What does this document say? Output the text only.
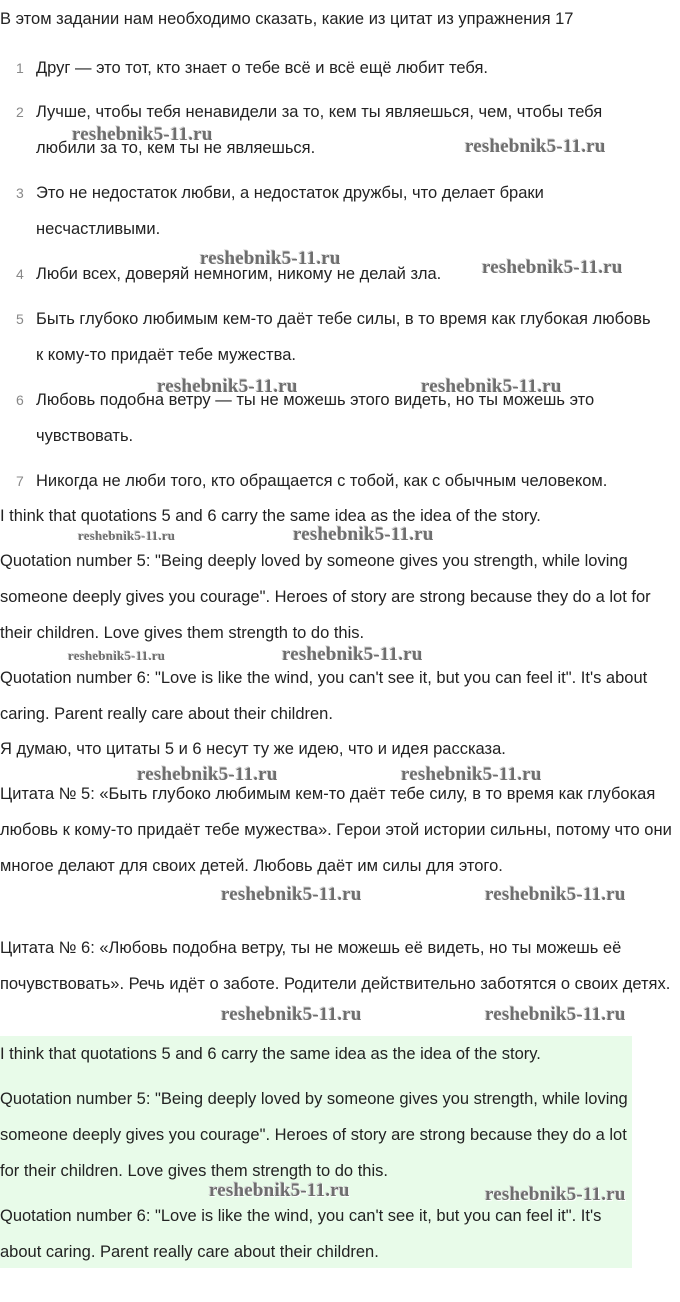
В этом задании нам необходимо сказать, какие из цитат из упражнения 17
1 Друг — это тот, кто знает о тебе всё и всё ещё любит тебя.
2 Лучше, чтобы тебя ненавидели за то, кем ты являешься, чем, чтобы тебя любили за то, кем ты не являешься.
3 Это не недостаток любви, а недостаток дружбы, что делает браки несчастливыми.
4 Люби всех, доверяй немногим, никому не делай зла.
5 Быть глубоко любимым кем-то даёт тебе силы, в то время как глубокая любовь к кому-то придаёт тебе мужества.
6 Любовь подобна ветру — ты не можешь этого видеть, но ты можешь это чувствовать.
7 Никогда не люби того, кто обращается с тобой, как с обычным человеком.
I think that quotations 5 and 6 carry the same idea as the idea of the story.
Quotation number 5: "Being deeply loved by someone gives you strength, while loving someone deeply gives you courage". Heroes of story are strong because they do a lot for their children. Love gives them strength to do this.
Quotation number 6: "Love is like the wind, you can't see it, but you can feel it". It's about caring. Parent really care about their children.
Я думаю, что цитаты 5 и 6 несут ту же идею, что и идея рассказа.
Цитата № 5: «Быть глубоко любимым кем-то даёт тебе силу, в то время как глубокая любовь к кому-то придаёт тебе мужества». Герои этой истории сильны, потому что они многое делают для своих детей. Любовь даёт им силы для этого.
Цитата № 6: «Любовь подобна ветру, ты не можешь её видеть, но ты можешь её почувствовать». Речь идёт о заботе. Родители действительно заботятся о своих детях.
I think that quotations 5 and 6 carry the same idea as the idea of the story.
Quotation number 5: "Being deeply loved by someone gives you strength, while loving someone deeply gives you courage". Heroes of story are strong because they do a lot for their children. Love gives them strength to do this.
Quotation number 6: "Love is like the wind, you can't see it, but you can feel it". It's about caring. Parent really care about their children.
reshebnik5-11.ru
reshebnik5-11.ru
reshebnik5-11.ru	reshebnik5-11.ru
reshebnik5-11.ru	reshebnik5-11.ru
reshebnik5-11.ru	reshebnik5-11.ru
reshebnik5-11.ru	reshebnik5-11.ru
reshebnik5-11.ru	reshebnik5-11.ru
reshebnik5-11.ru	reshebnik5-11.ru
reshebnik5-11.ru	reshebnik5-11.ru
reshebnik5-11.ru	reshebnik5-11.ru
